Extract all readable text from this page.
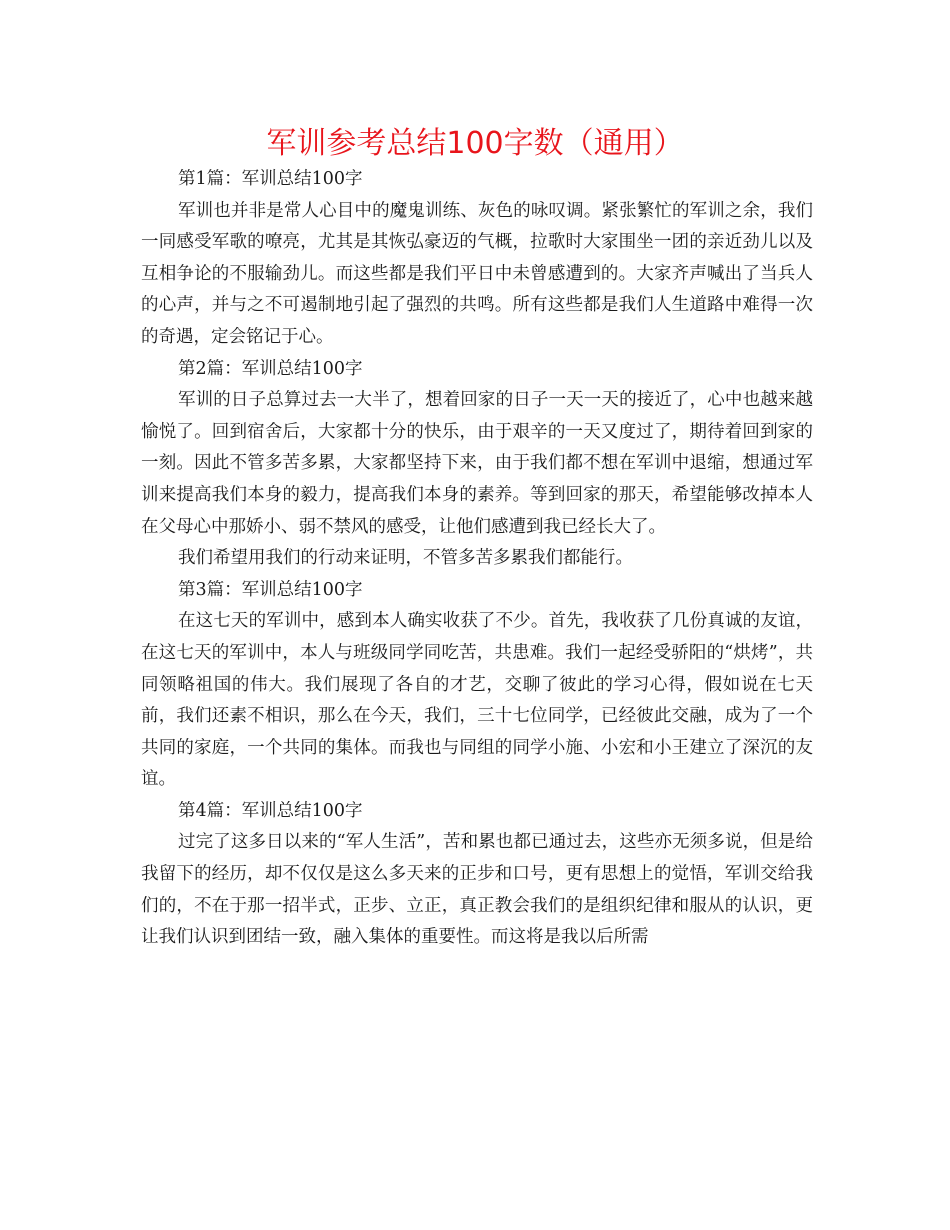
军训参考总结100字数（通用）

第1篇：军训总结100字

军训也并非是常人心目中的魔鬼训练、灰色的咏叹调。紧张繁忙的军训之余，我们一同感受军歌的嘹亮，尤其是其恢弘豪迈的气概，拉歌时大家围坐一团的亲近劲儿以及互相争论的不服输劲儿。而这些都是我们平日中未曾感遭到的。大家齐声喊出了当兵人的心声，并与之不可遏制地引起了强烈的共鸣。所有这些都是我们人生道路中难得一次的奇遇，定会铭记于心。

第2篇：军训总结100字

军训的日子总算过去一大半了，想着回家的日子一天一天的接近了，心中也越来越愉悦了。回到宿舍后，大家都十分的快乐，由于艰辛的一天又度过了，期待着回到家的一刻。因此不管多苦多累，大家都坚持下来，由于我们都不想在军训中退缩，想通过军训来提高我们本身的毅力，提高我们本身的素养。等到回家的那天，希望能够改掉本人在父母心中那娇小、弱不禁风的感受，让他们感遭到我已经长大了。

我们希望用我们的行动来证明，不管多苦多累我们都能行。

第3篇：军训总结100字

在这七天的军训中，感到本人确实收获了不少。首先，我收获了几份真诚的友谊，在这七天的军训中，本人与班级同学同吃苦，共患难。我们一起经受骄阳的“烘烤”，共同领略祖国的伟大。我们展现了各自的才艺，交聊了彼此的学习心得，假如说在七天前，我们还素不相识，那么在今天，我们，三十七位同学，已经彼此交融，成为了一个共同的家庭，一个共同的集体。而我也与同组的同学小施、小宏和小王建立了深沉的友谊。

第4篇：军训总结100字

过完了这多日以来的“军人生活”，苦和累也都已通过去，这些亦无须多说，但是给我留下的经历，却不仅仅是这么多天来的正步和口号，更有思想上的觉悟，军训交给我们的，不在于那一招半式，正步、立正，真正教会我们的是组织纪律和服从的认识，更让我们认识到团结一致，融入集体的重要性。而这将是我以后所需
